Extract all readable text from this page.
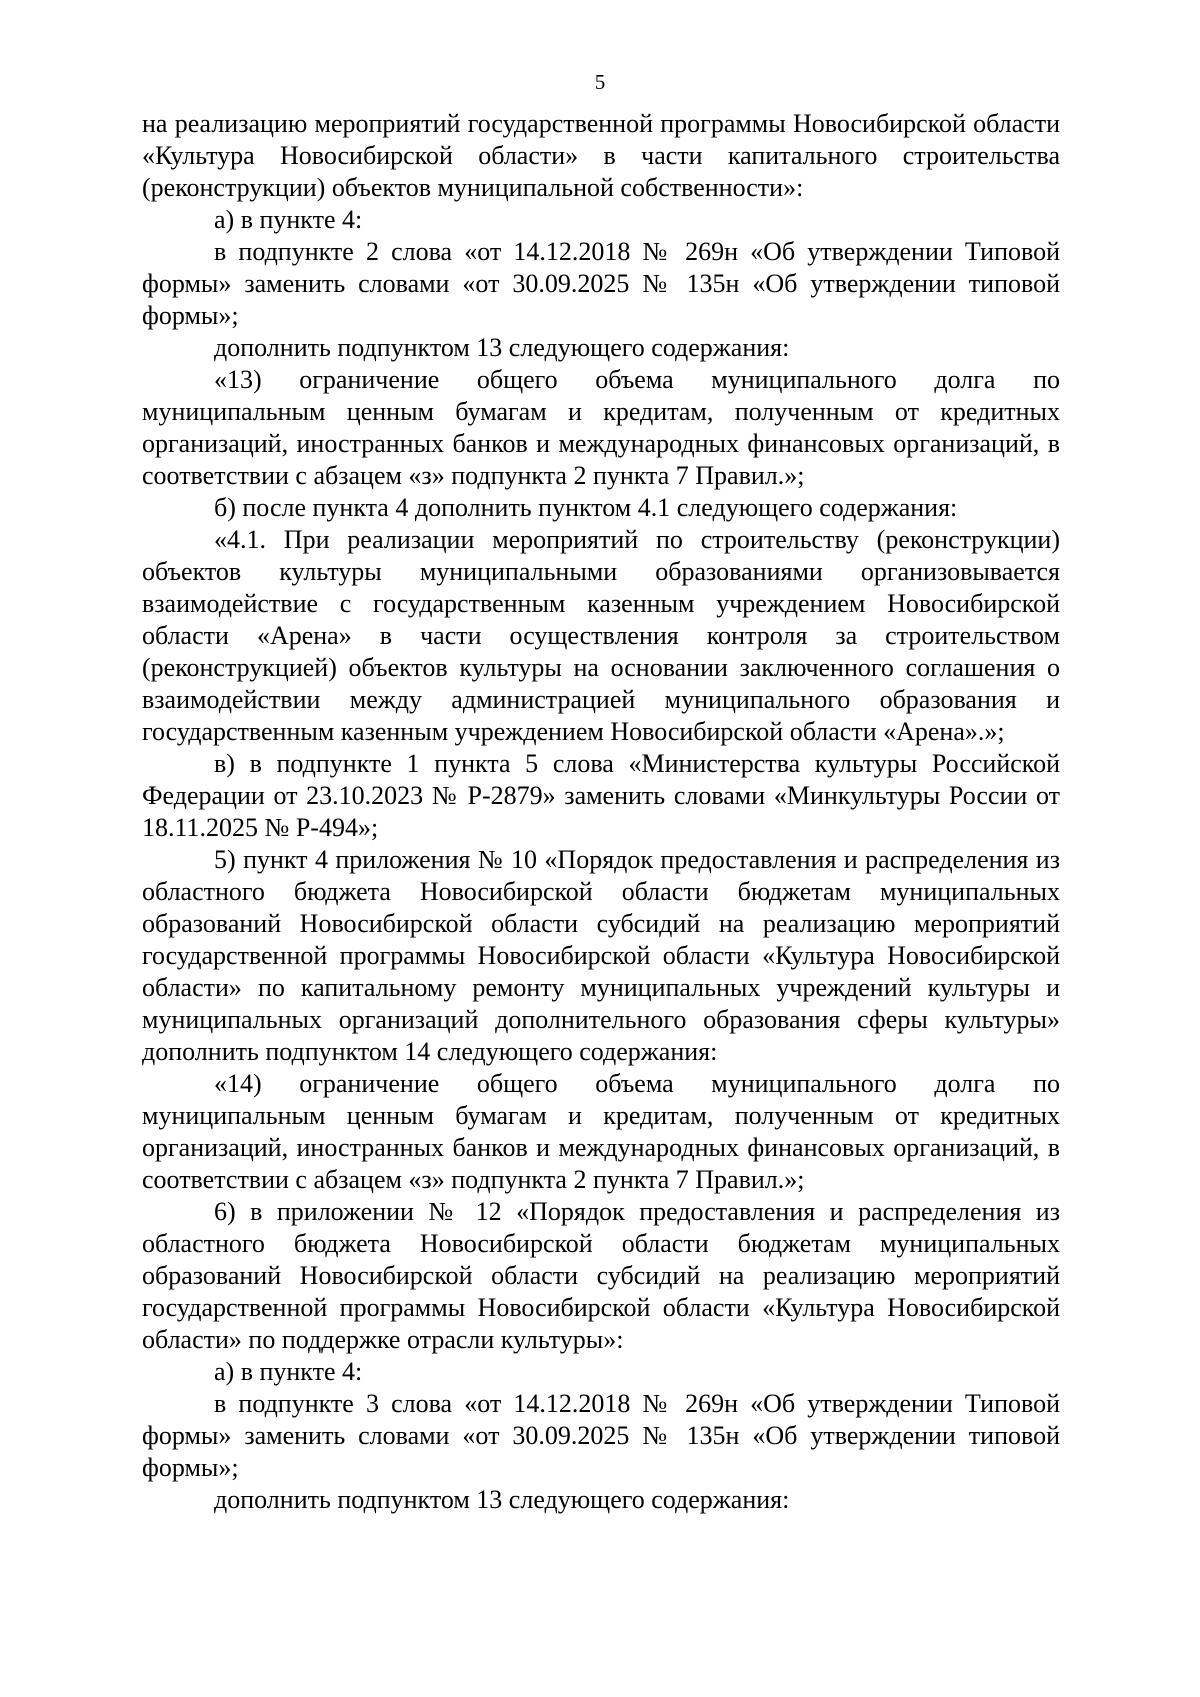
5

на реализацию мероприятий государственной программы Новосибирской области «Культура Новосибирской области» в части капитального строительства (реконструкции) объектов муниципальной собственности»:

а) в пункте 4:

в подпункте 2 слова «от 14.12.2018 № 269н «Об утверждении Типовой формы» заменить словами «от 30.09.2025 № 135н «Об утверждении типовой формы»;

дополнить подпунктом 13 следующего содержания:

«13) ограничение общего объема муниципального долга по муниципальным ценным бумагам и кредитам, полученным от кредитных организаций, иностранных банков и международных финансовых организаций, в соответствии с абзацем «з» подпункта 2 пункта 7 Правил.»;

б) после пункта 4 дополнить пунктом 4.1 следующего содержания:

«4.1. При реализации мероприятий по строительству (реконструкции) объектов культуры муниципальными образованиями организовывается взаимодействие с государственным казенным учреждением Новосибирской области «Арена» в части осуществления контроля за строительством (реконструкцией) объектов культуры на основании заключенного соглашения о взаимодействии между администрацией муниципального образования и государственным казенным учреждением Новосибирской области «Арена».»;

в) в подпункте 1 пункта 5 слова «Министерства культуры Российской Федерации от 23.10.2023 № Р-2879» заменить словами «Минкультуры России от 18.11.2025 № Р-494»;

5) пункт 4 приложения № 10 «Порядок предоставления и распределения из областного бюджета Новосибирской области бюджетам муниципальных образований Новосибирской области субсидий на реализацию мероприятий государственной программы Новосибирской области «Культура Новосибирской области» по капитальному ремонту муниципальных учреждений культуры и муниципальных организаций дополнительного образования сферы культуры» дополнить подпунктом 14 следующего содержания:

«14) ограничение общего объема муниципального долга по муниципальным ценным бумагам и кредитам, полученным от кредитных организаций, иностранных банков и международных финансовых организаций, в соответствии с абзацем «з» подпункта 2 пункта 7 Правил.»;

6) в приложении № 12 «Порядок предоставления и распределения из областного бюджета Новосибирской области бюджетам муниципальных образований Новосибирской области субсидий на реализацию мероприятий государственной программы Новосибирской области «Культура Новосибирской области» по поддержке отрасли культуры»:

а) в пункте 4:

в подпункте 3 слова «от 14.12.2018 № 269н «Об утверждении Типовой формы» заменить словами «от 30.09.2025 № 135н «Об утверждении типовой формы»;

дополнить подпунктом 13 следующего содержания:
